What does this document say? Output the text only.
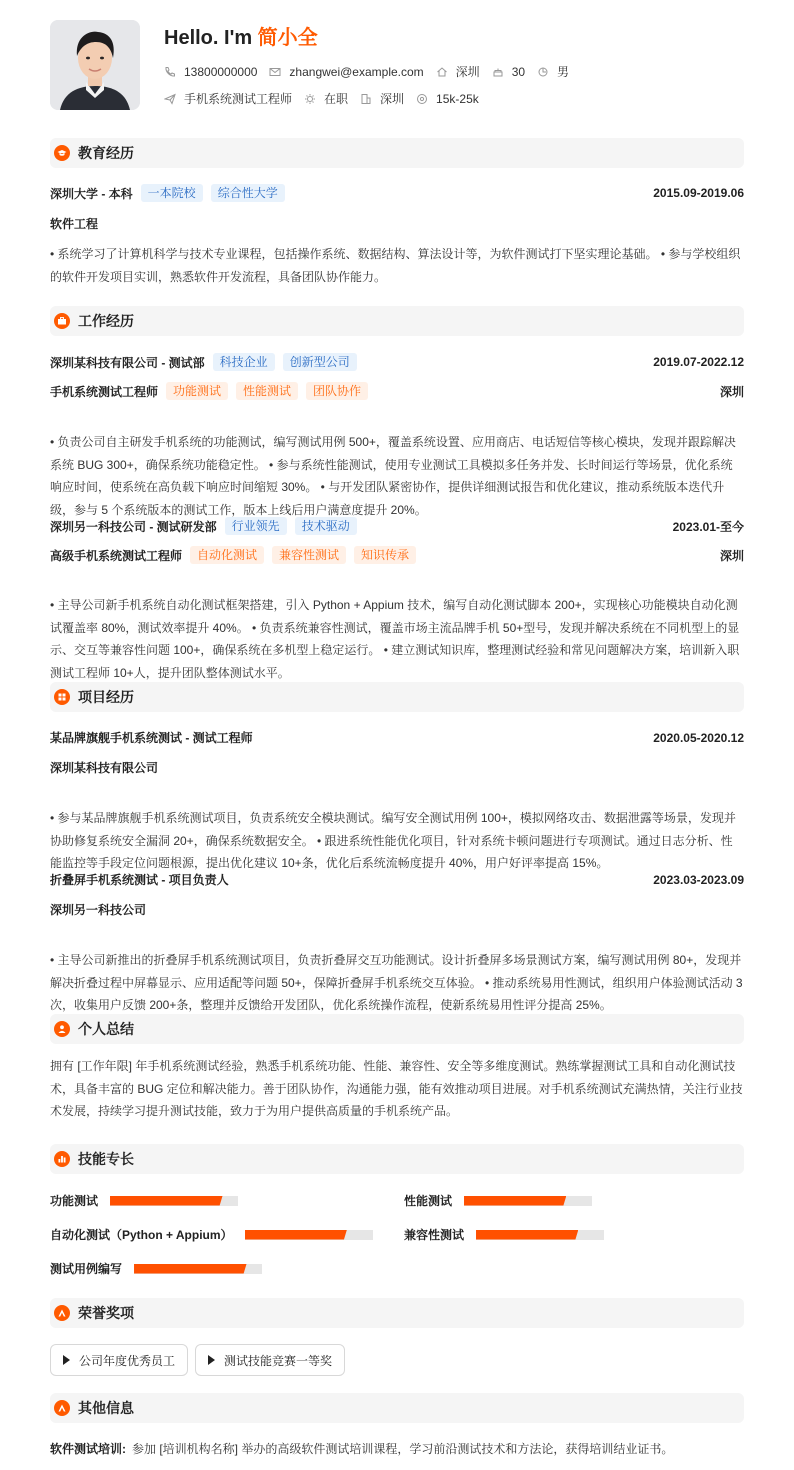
Hello. I'm 简小全
13800000000	zhangwei@example.com	深圳	30	男
手机系统测试工程师	在职	深圳	15k-25k
教育经历
深圳大学 - 本科	一本院校	综合性大学	2015.09-2019.06
软件工程
• 系统学习了计算机科学与技术专业课程，包括操作系统、数据结构、算法设计等，为软件测试打下坚实理论基础。 • 参与学校组织的软件开发项目实训，熟悉软件开发流程，具备团队协作能力。
工作经历
深圳某科技有限公司 - 测试部	科技企业	创新型公司	2019.07-2022.12
手机系统测试工程师	功能测试	性能测试	团队协作	深圳
• 负责公司自主研发手机系统的功能测试，编写测试用例 500+，覆盖系统设置、应用商店、电话短信等核心模块，发现并跟踪解决系统 BUG 300+，确保系统功能稳定性。 • 参与系统性能测试，使用专业测试工具模拟多任务并发、长时间运行等场景，优化系统响应时间，使系统在高负载下响应时间缩短 30%。 • 与开发团队紧密协作，提供详细测试报告和优化建议，推动系统版本迭代升级，参与 5 个系统版本的测试工作，版本上线后用户满意度提升 20%。
深圳另一科技公司 - 测试研发部	行业领先	技术驱动	2023.01-至今
高级手机系统测试工程师	自动化测试	兼容性测试	知识传承	深圳
• 主导公司新手机系统自动化测试框架搭建，引入 Python + Appium 技术，编写自动化测试脚本 200+，实现核心功能模块自动化测试覆盖率 80%，测试效率提升 40%。 • 负责系统兼容性测试，覆盖市场主流品牌手机 50+型号，发现并解决系统在不同机型上的显示、交互等兼容性问题 100+，确保系统在多机型上稳定运行。 • 建立测试知识库，整理测试经验和常见问题解决方案，培训新入职测试工程师 10+人，提升团队整体测试水平。
项目经历
某品牌旗舰手机系统测试 - 测试工程师	2020.05-2020.12
深圳某科技有限公司
• 参与某品牌旗舰手机系统测试项目，负责系统安全模块测试。编写安全测试用例 100+，模拟网络攻击、数据泄露等场景，发现并协助修复系统安全漏洞 20+，确保系统数据安全。 • 跟进系统性能优化项目，针对系统卡顿问题进行专项测试。通过日志分析、性能监控等手段定位问题根源，提出优化建议 10+条，优化后系统流畅度提升 40%，用户好评率提高 15%。
折叠屏手机系统测试 - 项目负责人	2023.03-2023.09
深圳另一科技公司
• 主导公司新推出的折叠屏手机系统测试项目，负责折叠屏交互功能测试。设计折叠屏多场景测试方案，编写测试用例 80+，发现并解决折叠过程中屏幕显示、应用适配等问题 50+，保障折叠屏手机系统交互体验。 • 推动系统易用性测试，组织用户体验测试活动 3 次，收集用户反馈 200+条，整理并反馈给开发团队，优化系统操作流程，使新系统易用性评分提高 25%。
个人总结
拥有 [工作年限] 年手机系统测试经验，熟悉手机系统功能、性能、兼容性、安全等多维度测试。熟练掌握测试工具和自动化测试技术，具备丰富的 BUG 定位和解决能力。善于团队协作，沟通能力强，能有效推动项目进展。对手机系统测试充满热情，关注行业技术发展，持续学习提升测试技能，致力于为用户提供高质量的手机系统产品。
技能专长
功能测试	性能测试
自动化测试（Python + Appium）	兼容性测试
测试用例编写
荣誉奖项
公司年度优秀员工	测试技能竞赛一等奖
其他信息
软件测试培训: 参加 [培训机构名称] 举办的高级软件测试培训课程，学习前沿测试技术和方法论，获得培训结业证书。
